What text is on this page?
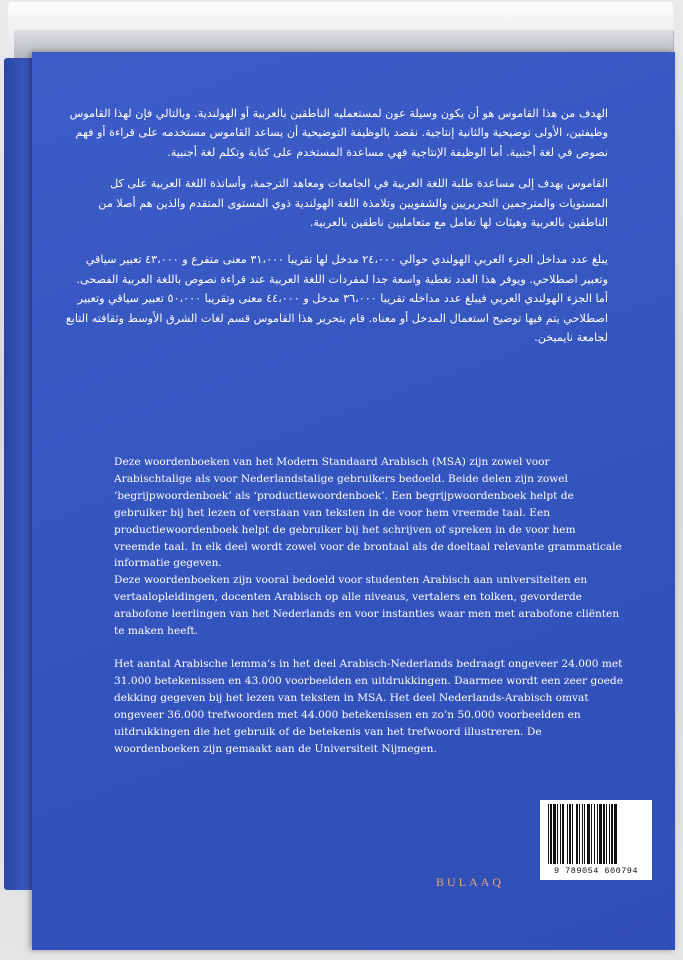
الهدف من هذا القاموس هو أن يكون وسيلة عون لمستعمليه الناطقين بالعربية أو الهولندية. وبالتالي فإن لهذا القاموس وظيفتين، الأولى توضيحية والثانية إنتاجية. نقصد بالوظيفة التوضيحية أن يساعد القاموس مستخدمه على قراءة أو فهم نصوص في لغة أجنبية. أما الوظيفة الإنتاجية فهي مساعدة المستخدم على كتابة وتكلم لغة أجنبية.

القاموس يهدف إلى مساعدة طلبة اللغة العربية في الجامعات ومعاهد الترجمة، وأساتذة اللغة العربية على كل المستويات والمترجمين التحريريين والشفويين وتلامذة اللغة الهولندية ذوي المستوى المتقدم والذين هم أصلا من الناطقين بالعربية وهيئات لها تعامل مع متعامليين ناطقين بالعربية.

يبلغ عدد مداخل الجزء العربي الهولندي حوالي ٢٤،٠٠٠ مدخل لها تقريبا ٣١،٠٠٠ معنى متفرع و ٤٣،٠٠٠ تعبير سياقي وتعبير اصطلاحي. ويوفر هذا العدد تغطية واسعة جدا لمفردات اللغة العربية عند قراءة نصوص باللغة العربية الفصحى. أما الجزء الهولندي العربي فيبلغ عدد مداخله تقريبا ٣٦،٠٠٠ مدخل و ٤٤،٠٠٠ معنى وتقريبا ٥٠،٠٠٠ تعبير سياقي وتعبير اصطلاحي يتم فيها توضيح استعمال المدخل أو معناه. قام بتحرير هذا القاموس قسم لغات الشرق الأوسط وثقافته التابع لجامعة نايميخن.

Deze woordenboeken van het Modern Standaard Arabisch (MSA) zijn zowel voor Arabischtalige als voor Nederlandstalige gebruikers bedoeld. Beide delen zijn zowel ‘begrijpwoordenboek’ als ‘productiewoordenboek’. Een begrijpwoordenboek helpt de gebruiker bij het lezen of verstaan van teksten in de voor hem vreemde taal. Een productiewoordenboek helpt de gebruiker bij het schrijven of spreken in de voor hem vreemde taal. In elk deel wordt zowel voor de brontaal als de doeltaal relevante grammaticale informatie gegeven.

Deze woordenboeken zijn vooral bedoeld voor studenten Arabisch aan universiteiten en vertaalopleidingen, docenten Arabisch op alle niveaus, vertalers en tolken, gevorderde arabofone leerlingen van het Nederlands en voor instanties waar men met arabofone cliënten te maken heeft.

Het aantal Arabische lemma’s in het deel Arabisch-Nederlands bedraagt ongeveer 24.000 met 31.000 betekenissen en 43.000 voorbeelden en uitdrukkingen. Daarmee wordt een zeer goede dekking gegeven bij het lezen van teksten in MSA. Het deel Nederlands-Arabisch omvat ongeveer 36.000 trefwoorden met 44.000 betekenissen en zo’n 50.000 voorbeelden en uitdrukkingen die het gebruik of de betekenis van het trefwoord illustreren. De woordenboeken zijn gemaakt aan de Universiteit Nijmegen.

BULAAQ
9 789054 600794
